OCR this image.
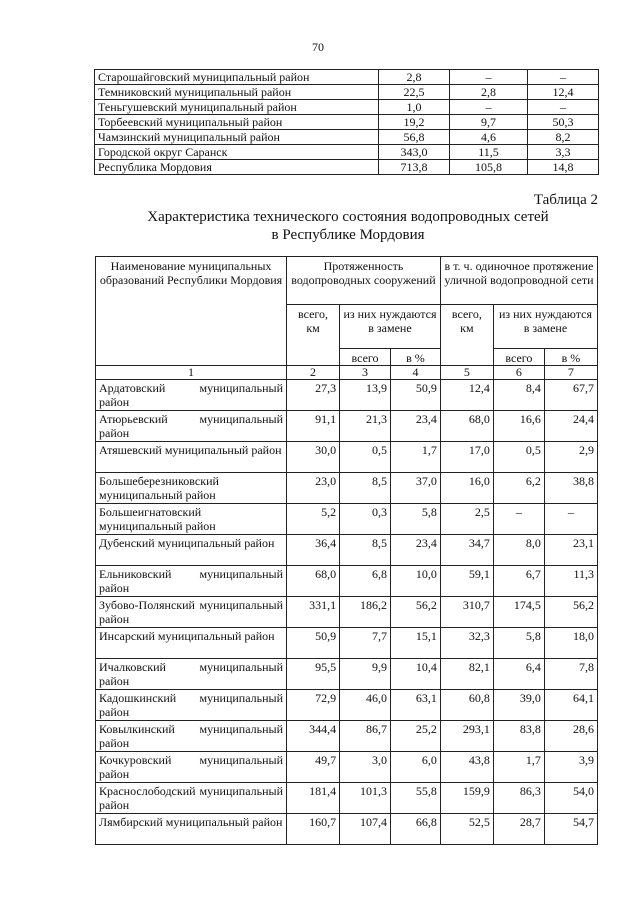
70
Старошайговский муниципальный район	2,8	–	–
Темниковский муниципальный район	22,5	2,8	12,4
Теньгушевский муниципальный район	1,0	–	–
Торбеевский муниципальный район	19,2	9,7	50,3
Чамзинский муниципальный район	56,8	4,6	8,2
Городской округ Саранск	343,0	11,5	3,3
Республика Мордовия	713,8	105,8	14,8
Таблица 2
Характеристика технического состояния водопроводных сетей
в Республике Мордовия
Наименование муниципальных образований Республики Мордовия	Протяженность водопроводных сооружений			в т. ч. одиночное протяжение уличной водопроводной сети		
	всего, км	из них нуждаются в замене		всего, км	из них нуждаются в замене	
		всего	в %		всего	в %
1	2	3	4	5	6	7
Ардатовский муниципальный район	27,3	13,9	50,9	12,4	8,4	67,7
Атюрьевский муниципальный район	91,1	21,3	23,4	68,0	16,6	24,4
Атяшевский муниципальный район	30,0	0,5	1,7	17,0	0,5	2,9
Большеберезниковский муниципальный район	23,0	8,5	37,0	16,0	6,2	38,8
Большеигнатовский муниципальный район	5,2	0,3	5,8	2,5	–	–
Дубенский муниципальный район	36,4	8,5	23,4	34,7	8,0	23,1
Ельниковский муниципальный район	68,0	6,8	10,0	59,1	6,7	11,3
Зубово-Полянский муниципальный район	331,1	186,2	56,2	310,7	174,5	56,2
Инсарский муниципальный район	50,9	7,7	15,1	32,3	5,8	18,0
Ичалковский муниципальный район	95,5	9,9	10,4	82,1	6,4	7,8
Кадошкинский муниципальный район	72,9	46,0	63,1	60,8	39,0	64,1
Ковылкинский муниципальный район	344,4	86,7	25,2	293,1	83,8	28,6
Кочкуровский муниципальный район	49,7	3,0	6,0	43,8	1,7	3,9
Краснослободский муниципальный район	181,4	101,3	55,8	159,9	86,3	54,0
Лямбирский муниципальный район	160,7	107,4	66,8	52,5	28,7	54,7
